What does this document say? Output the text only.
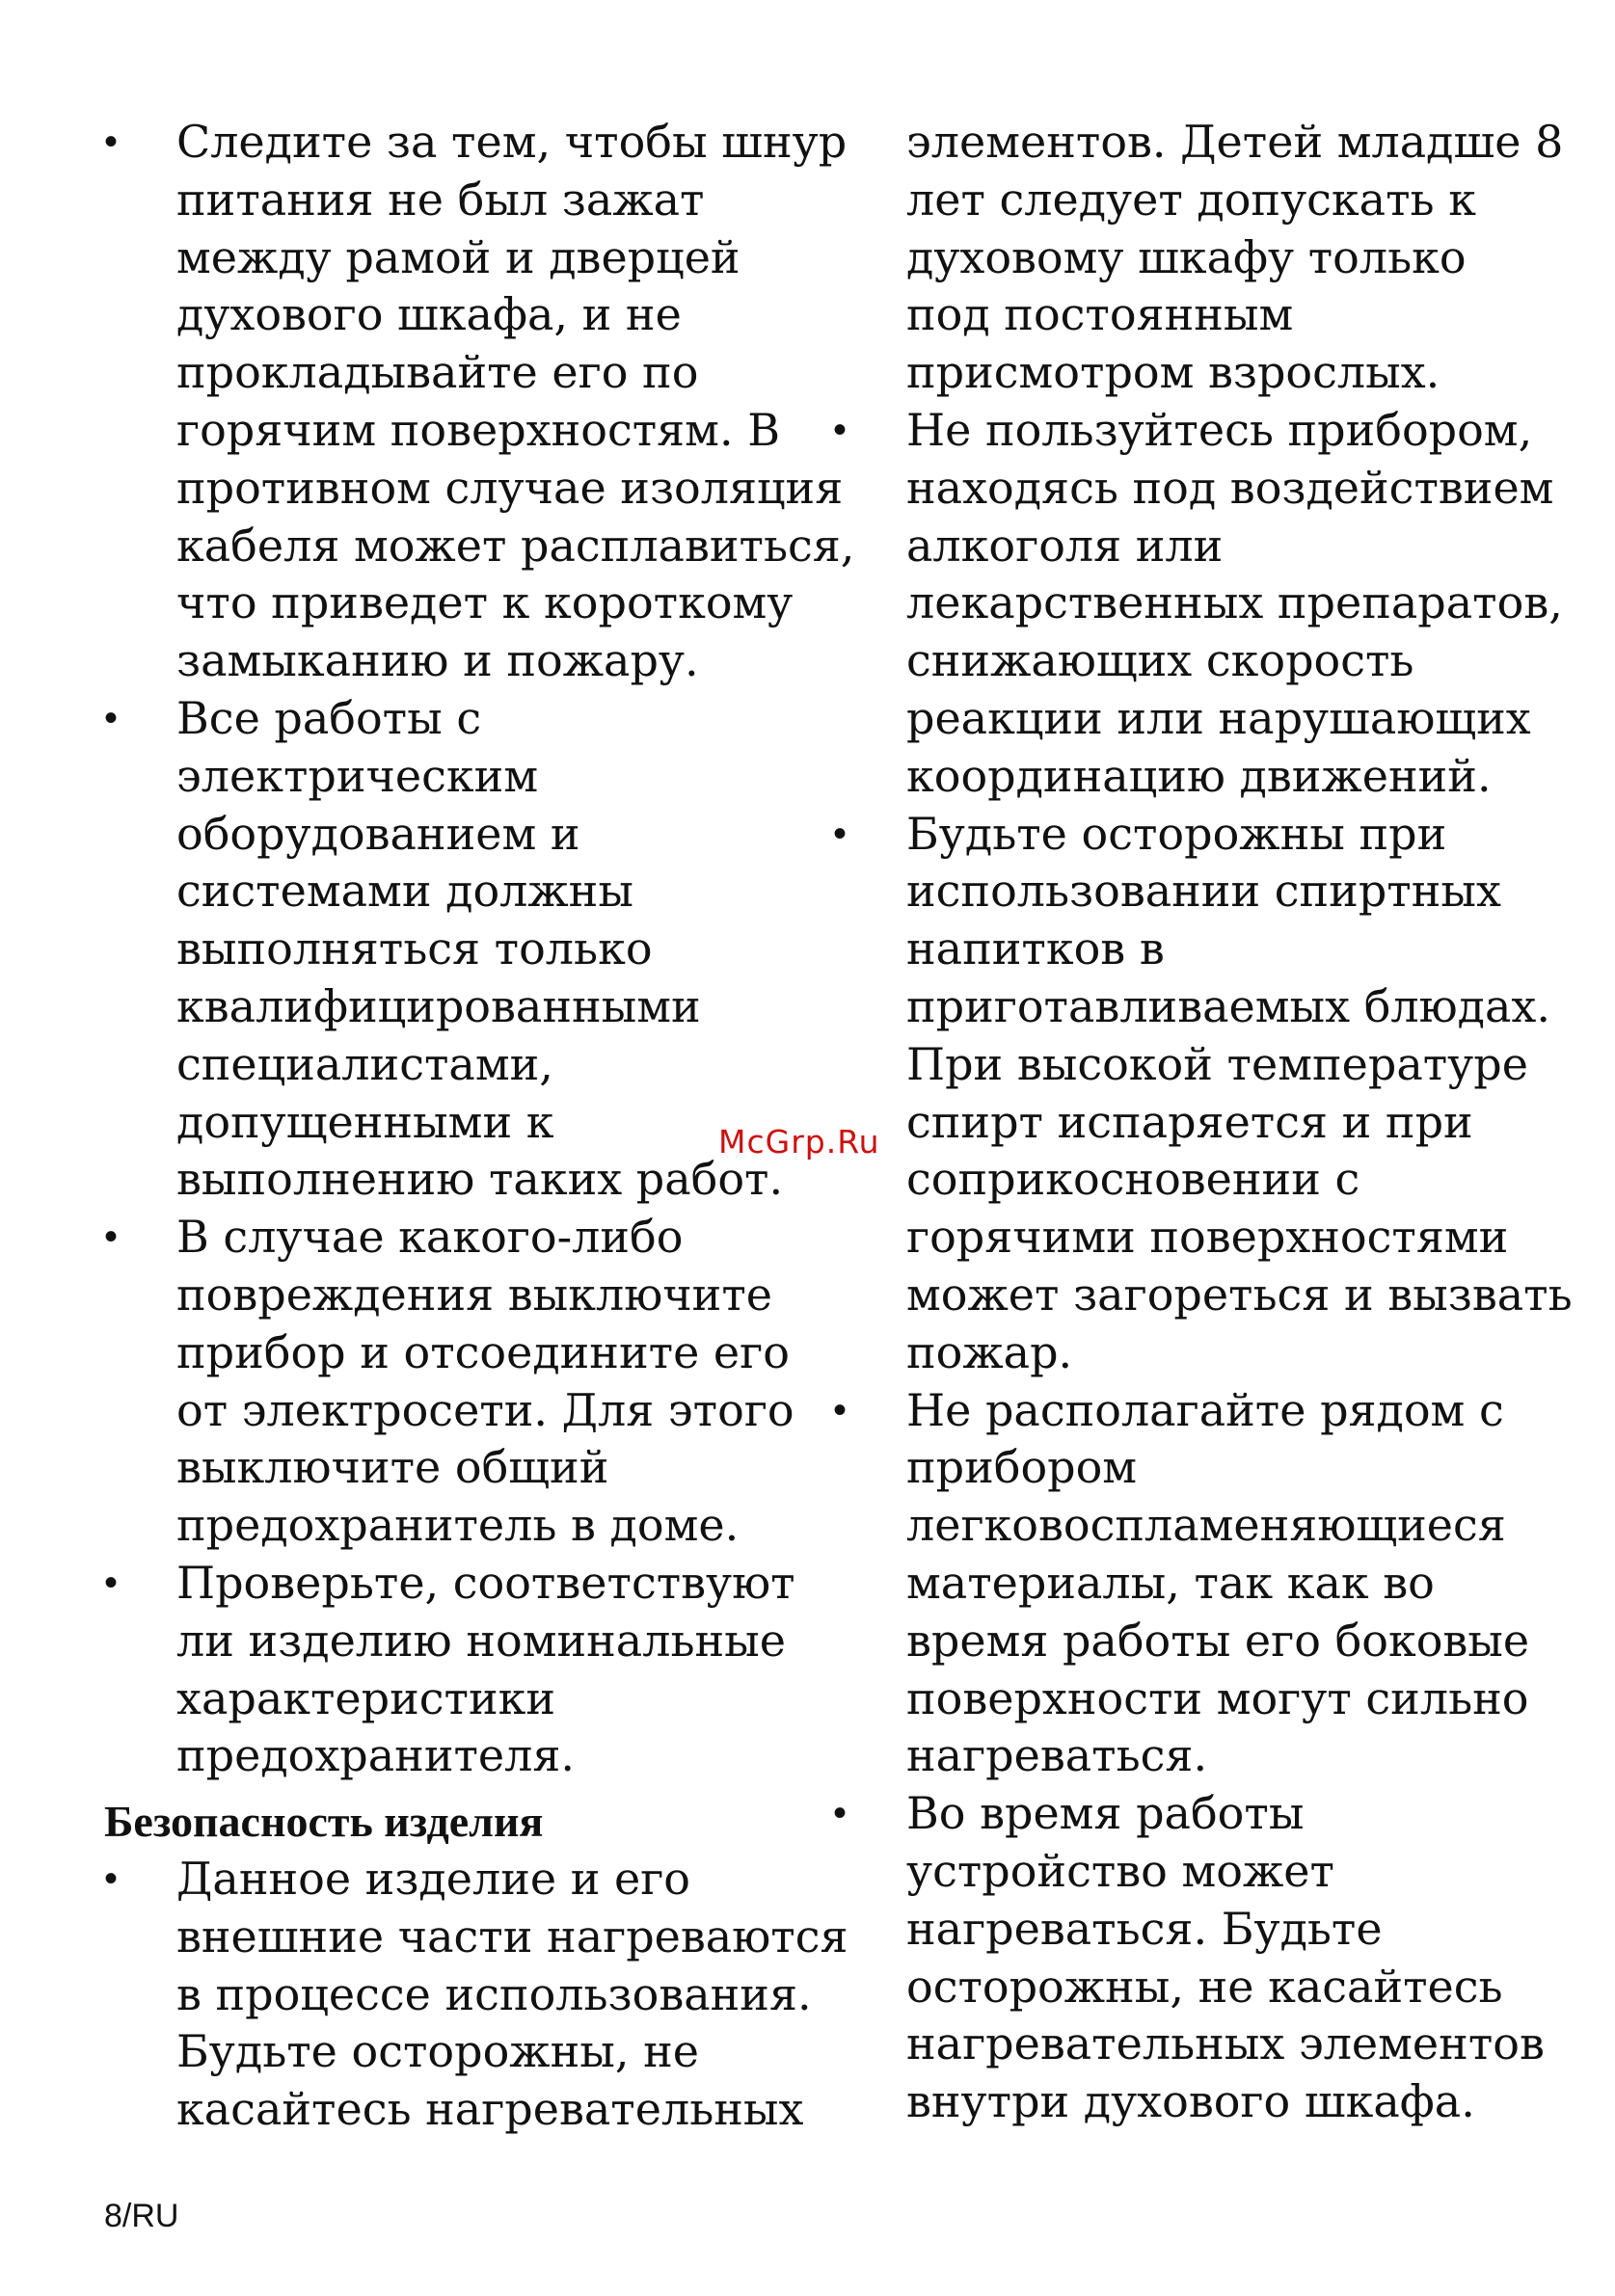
•	Следите за тем, чтобы шнур
питания не был зажат
между рамой и дверцей
духового шкафа, и не
прокладывайте его по
горячим поверхностям. В
противном случае изоляция
кабеля может расплавиться,
что приведет к короткому
замыканию и пожару.
•	Все работы с
электрическим
оборудованием и
системами должны
выполняться только
квалифицированными
специалистами,
допущенными к
выполнению таких работ.
•	В случае какого-либо
повреждения выключите
прибор и отсоедините его
от электросети. Для этого
выключите общий
предохранитель в доме.
•	Проверьте, соответствуют
ли изделию номинальные
характеристики
предохранителя.
Безопасность изделия
•	Данное изделие и его
внешние части нагреваются
в процессе использования.
Будьте осторожны, не
касайтесь нагревательных
элементов. Детей младше 8
лет следует допускать к
духовому шкафу только
под постоянным
присмотром взрослых.
•	Не пользуйтесь прибором,
находясь под воздействием
алкоголя или
лекарственных препаратов,
снижающих скорость
реакции или нарушающих
координацию движений.
•	Будьте осторожны при
использовании спиртных
напитков в
приготавливаемых блюдах.
При высокой температуре
спирт испаряется и при
соприкосновении с
горячими поверхностями
может загореться и вызвать
пожар.
•	Не располагайте рядом с
прибором
легковоспламеняющиеся
материалы, так как во
время работы его боковые
поверхности могут сильно
нагреваться.
•	Во время работы
устройство может
нагреваться. Будьте
осторожны, не касайтесь
нагревательных элементов
внутри духового шкафа.
McGrp.Ru
8/RU
